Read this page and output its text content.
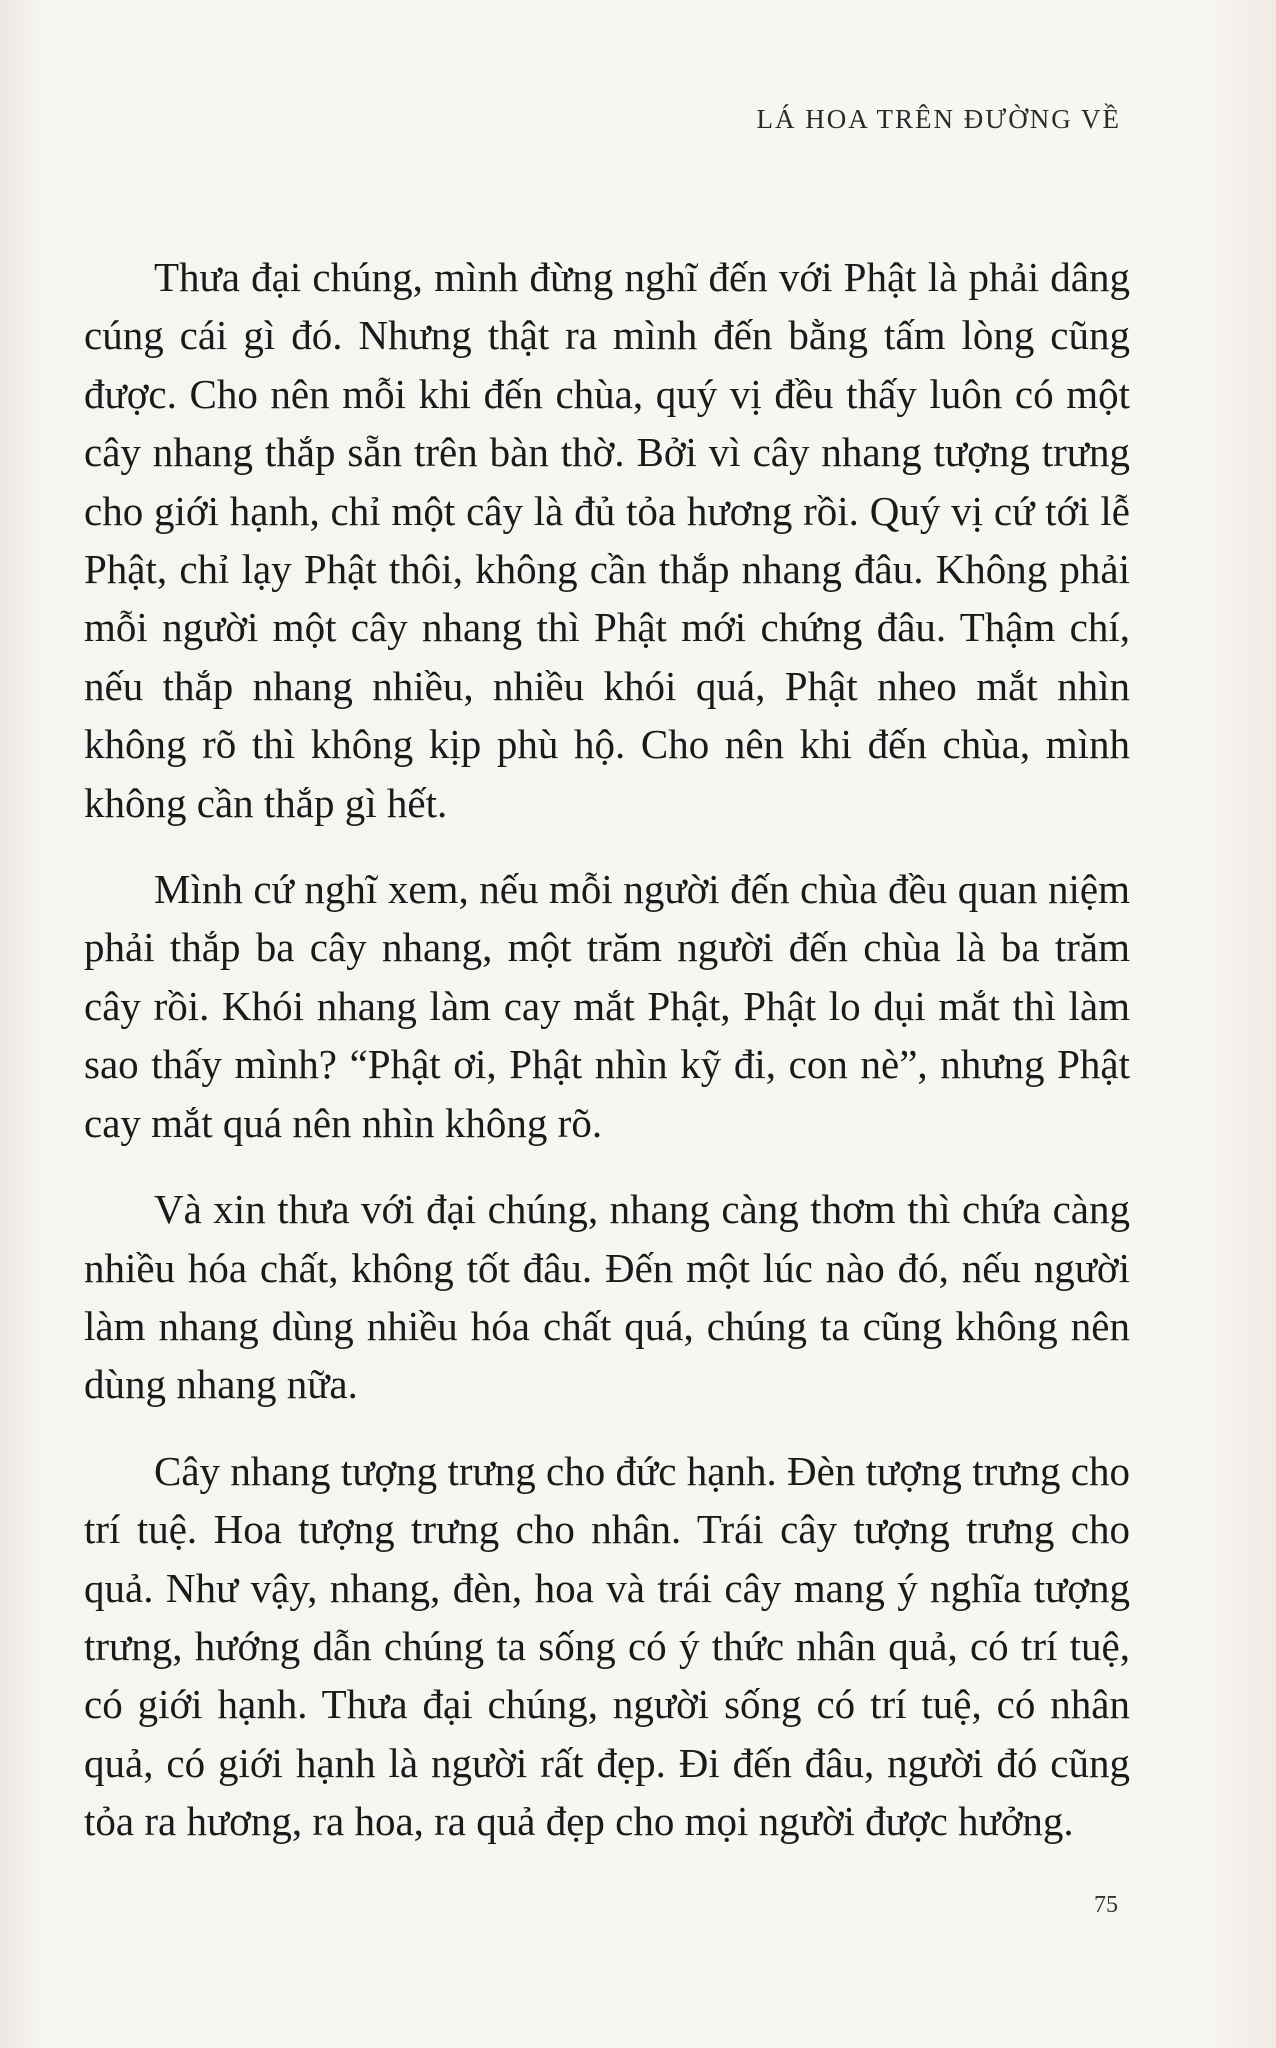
LÁ HOA TRÊN ĐƯỜNG VỀ

Thưa đại chúng, mình đừng nghĩ đến với Phật là phải dâng cúng cái gì đó. Nhưng thật ra mình đến bằng tấm lòng cũng được. Cho nên mỗi khi đến chùa, quý vị đều thấy luôn có một cây nhang thắp sẵn trên bàn thờ. Bởi vì cây nhang tượng trưng cho giới hạnh, chỉ một cây là đủ tỏa hương rồi. Quý vị cứ tới lễ Phật, chỉ lạy Phật thôi, không cần thắp nhang đâu. Không phải mỗi người một cây nhang thì Phật mới chứng đâu. Thậm chí, nếu thắp nhang nhiều, nhiều khói quá, Phật nheo mắt nhìn không rõ thì không kịp phù hộ. Cho nên khi đến chùa, mình không cần thắp gì hết.

Mình cứ nghĩ xem, nếu mỗi người đến chùa đều quan niệm phải thắp ba cây nhang, một trăm người đến chùa là ba trăm cây rồi. Khói nhang làm cay mắt Phật, Phật lo dụi mắt thì làm sao thấy mình? “Phật ơi, Phật nhìn kỹ đi, con nè”, nhưng Phật cay mắt quá nên nhìn không rõ.

Và xin thưa với đại chúng, nhang càng thơm thì chứa càng nhiều hóa chất, không tốt đâu. Đến một lúc nào đó, nếu người làm nhang dùng nhiều hóa chất quá, chúng ta cũng không nên dùng nhang nữa.

Cây nhang tượng trưng cho đức hạnh. Đèn tượng trưng cho trí tuệ. Hoa tượng trưng cho nhân. Trái cây tượng trưng cho quả. Như vậy, nhang, đèn, hoa và trái cây mang ý nghĩa tượng trưng, hướng dẫn chúng ta sống có ý thức nhân quả, có trí tuệ, có giới hạnh. Thưa đại chúng, người sống có trí tuệ, có nhân quả, có giới hạnh là người rất đẹp. Đi đến đâu, người đó cũng tỏa ra hương, ra hoa, ra quả đẹp cho mọi người được hưởng.

75
